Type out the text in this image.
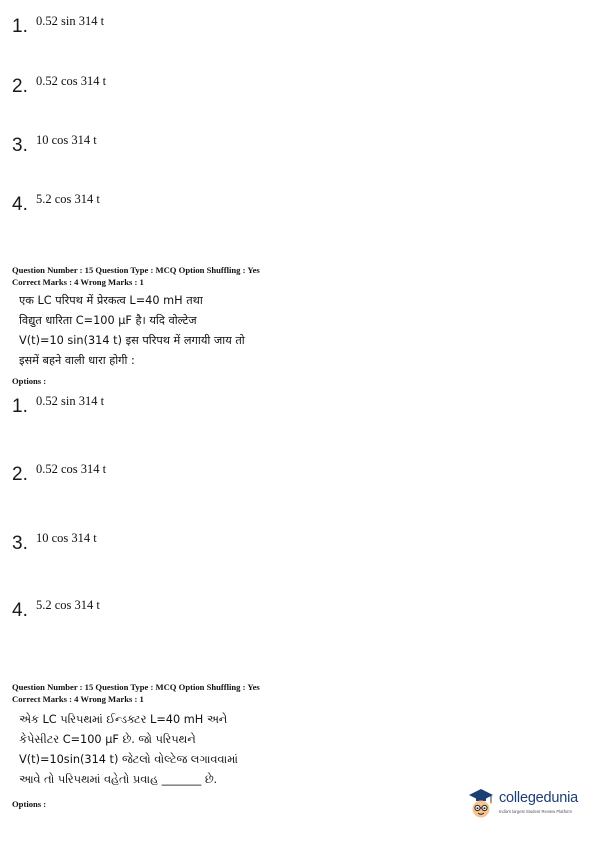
1. 0.52 sin 314 t
2. 0.52 cos 314 t
3. 10 cos 314 t
4. 5.2 cos 314 t
Question Number : 15 Question Type : MCQ Option Shuffling : Yes
Correct Marks : 4 Wrong Marks : 1
एक LC परिपथ में प्रेरकत्व L=40 mH तथा
विद्युत धारिता C=100 μF है। यदि वोल्टेज
V(t)=10 sin(314 t) इस परिपथ में लगायी जाय तो
इसमें बहने वाली धारा होगी :
Options :
1. 0.52 sin 314 t
2. 0.52 cos 314 t
3. 10 cos 314 t
4. 5.2 cos 314 t
Question Number : 15 Question Type : MCQ Option Shuffling : Yes
Correct Marks : 4 Wrong Marks : 1
એક LC પરિપથમાં ઈન્ડક્ટર L=40 mH અને
કેપેસીટર C=100 μF છે. જો પરિપથને
V(t)=10sin(314 t) જેટલો વોલ્ટેજ લગાવવામાં
આવે તો પરિપથમાં વહેતો પ્રવાહ _______ છે.
Options :	collegedunia
India's largest Student Review Platform
